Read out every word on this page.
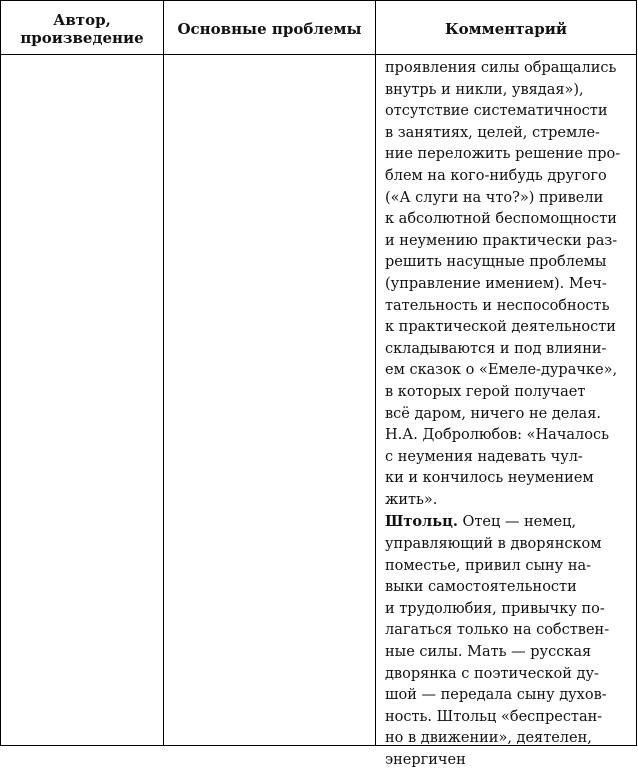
Автор,
произведение	Основные проблемы	Комментарий
проявления силы обращались
внутрь и никли, увядая»),
отсутствие систематичности
в занятиях, целей, стремле-
ние переложить решение про-
блем на кого-нибудь другого
(«А слуги на что?») привели
к абсолютной беспомощности
и неумению практически раз-
решить насущные проблемы
(управление имением). Меч-
тательность и неспособность
к практической деятельности
складываются и под влияни-
ем сказок о «Емеле-дурачке»,
в которых герой получает
всё даром, ничего не делая.
Н.А. Добролюбов: «Началось
с неумения надевать чул-
ки и кончилось неумением
жить».
Штольц. Отец — немец,
управляющий в дворянском
поместье, привил сыну на-
выки самостоятельности
и трудолюбия, привычку по-
лагаться только на собствен-
ные силы. Мать — русская
дворянка с поэтической ду-
шой — передала сыну духов-
ность. Штольц «беспрестан-
но в движении», деятелен,
энергичен
